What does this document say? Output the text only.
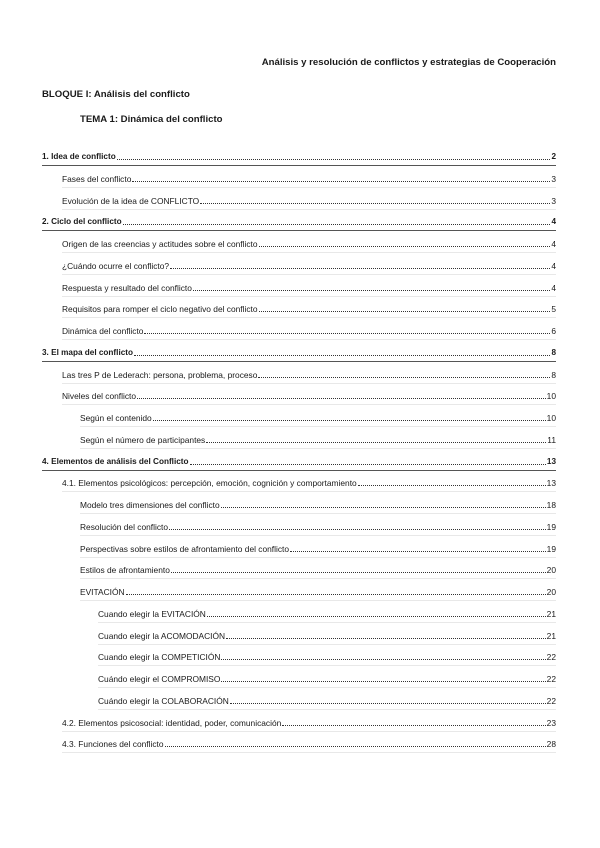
Análisis y resolución de conflictos y estrategias de Cooperación
BLOQUE I: Análisis del conflicto
TEMA 1: Dinámica del conflicto
1. Idea de conflicto	2
Fases del conflicto	3
Evolución de la idea de CONFLICTO	3
2. Ciclo del conflicto	4
Origen de las creencias y actitudes sobre el conflicto	4
¿Cuándo ocurre el conflicto?	4
Respuesta y resultado del conflicto	4
Requisitos para romper el ciclo negativo del conflicto	5
Dinámica del conflicto	6
3. El mapa del conflicto	8
Las tres P de Lederach: persona, problema, proceso	8
Niveles del conflicto	10
Según el contenido	10
Según el número de participantes	11
4. Elementos de análisis del Conflicto	13
4.1. Elementos psicológicos: percepción, emoción, cognición y comportamiento	13
Modelo tres dimensiones del conflicto	18
Resolución del conflicto	19
Perspectivas sobre estilos de afrontamiento del conflicto	19
Estilos de afrontamiento	20
EVITACIÓN	20
Cuando elegir la EVITACIÓN	21
Cuando elegir la ACOMODACIÓN	21
Cuando elegir la COMPETICIÓN	22
Cuándo elegir el COMPROMISO	22
Cuándo elegir la COLABORACIÓN	22
4.2. Elementos psicosocial: identidad, poder, comunicación	23
4.3. Funciones del conflicto	28
